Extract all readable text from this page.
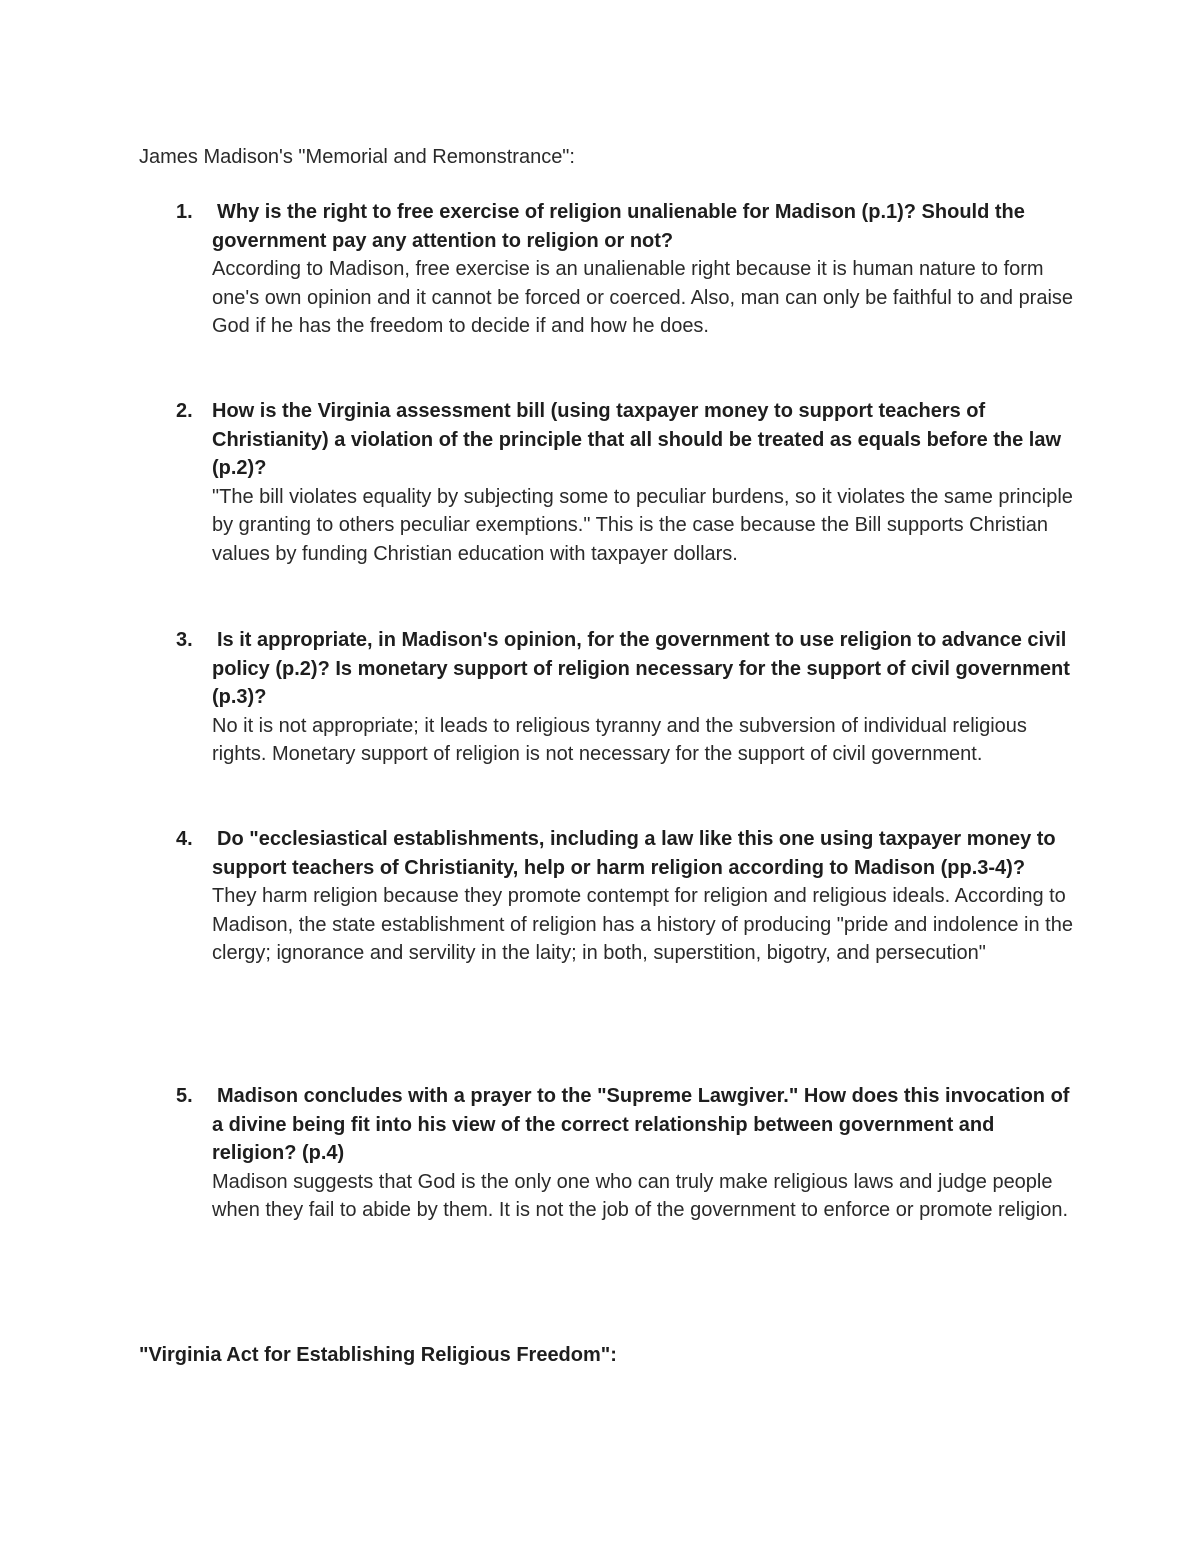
James Madison's "Memorial and Remonstrance":
1. Why is the right to free exercise of religion unalienable for Madison (p.1)? Should the government pay any attention to religion or not?

According to Madison, free exercise is an unalienable right because it is human nature to form one's own opinion and it cannot be forced or coerced. Also, man can only be faithful to and praise God if he has the freedom to decide if and how he does.

2. How is the Virginia assessment bill (using taxpayer money to support teachers of Christianity) a violation of the principle that all should be treated as equals before the law (p.2)?

"The bill violates equality by subjecting some to peculiar burdens, so it violates the same principle by granting to others peculiar exemptions." This is the case because the Bill supports Christian values by funding Christian education with taxpayer dollars.

3. Is it appropriate, in Madison's opinion, for the government to use religion to advance civil policy (p.2)? Is monetary support of religion necessary for the support of civil government (p.3)?

No it is not appropriate; it leads to religious tyranny and the subversion of individual religious rights. Monetary support of religion is not necessary for the support of civil government.

4. Do "ecclesiastical establishments, including a law like this one using taxpayer money to support teachers of Christianity, help or harm religion according to Madison (pp.3-4)?

They harm religion because they promote contempt for religion and religious ideals. According to Madison, the state establishment of religion has a history of producing "pride and indolence in the clergy; ignorance and servility in the laity; in both, superstition, bigotry, and persecution"

5. Madison concludes with a prayer to the "Supreme Lawgiver." How does this invocation of a divine being fit into his view of the correct relationship between government and religion? (p.4)

Madison suggests that God is the only one who can truly make religious laws and judge people when they fail to abide by them. It is not the job of the government to enforce or promote religion.

"Virginia Act for Establishing Religious Freedom":
